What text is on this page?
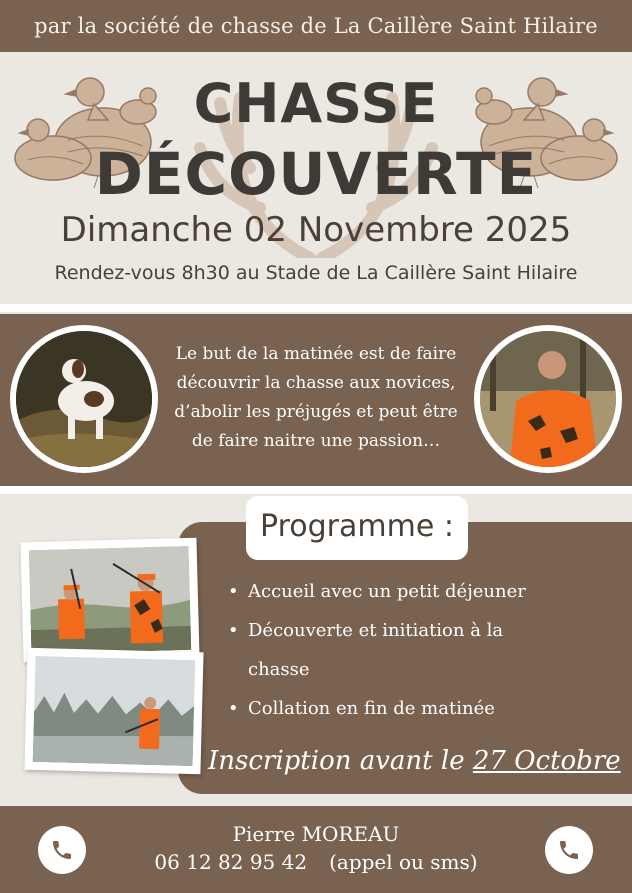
par la société de chasse de La Caillère Saint Hilaire
CHASSE
DÉCOUVERTE
Dimanche 02 Novembre 2025
Rendez-vous 8h30 au Stade de La Caillère Saint Hilaire
Le but de la matinée est de faire
découvrir la chasse aux novices,
d’abolir les préjugés et peut être
de faire naitre une passion…
Programme :
• Accueil avec un petit déjeuner
• Découverte et initiation à la
chasse
• Collation en fin de matinée
Inscription avant le 27 Octobre
Pierre MOREAU
06 12 82 95 42 (appel ou sms)
